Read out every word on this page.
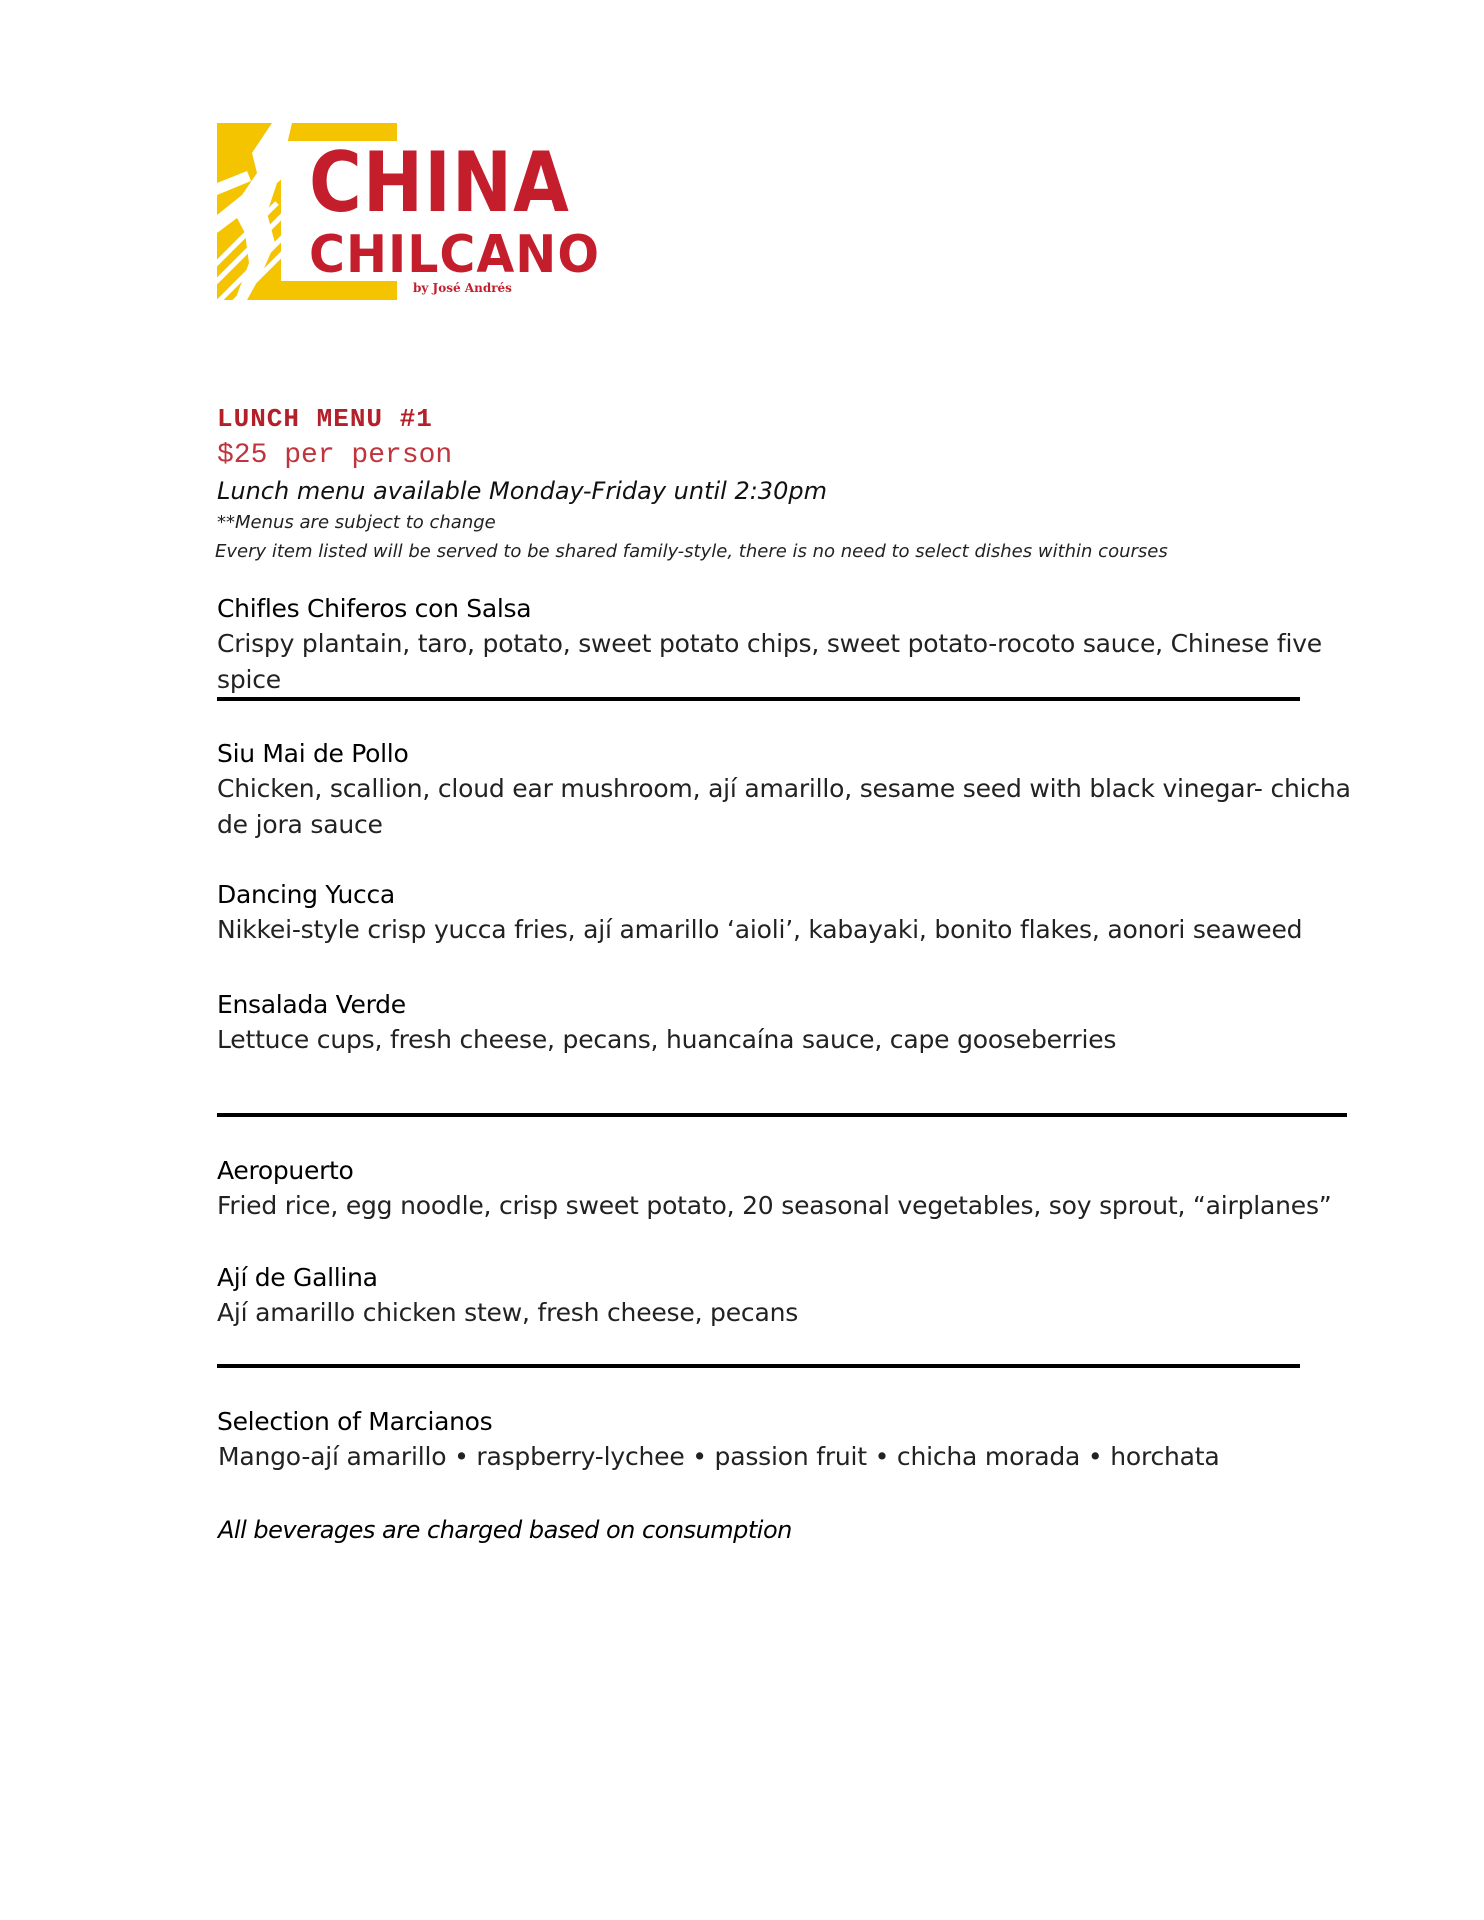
CHINA
CHILCANO
by José Andrés
LUNCH MENU #1
$25 per person
Lunch menu available Monday-Friday until 2:30pm
**Menus are subject to change
Every item listed will be served to be shared family-style, there is no need to select dishes within courses
Chifles Chiferos con Salsa
Crispy plantain, taro, potato, sweet potato chips, sweet potato-rocoto sauce, Chinese five spice
Siu Mai de Pollo
Chicken, scallion, cloud ear mushroom, ají amarillo, sesame seed with black vinegar- chicha
de jora sauce
Dancing Yucca
Nikkei-style crisp yucca fries, ají amarillo ‘aioli’, kabayaki, bonito flakes, aonori seaweed
Ensalada Verde
Lettuce cups, fresh cheese, pecans, huancaína sauce, cape gooseberries
Aeropuerto
Fried rice, egg noodle, crisp sweet potato, 20 seasonal vegetables, soy sprout, “airplanes”
Ají de Gallina
Ají amarillo chicken stew, fresh cheese, pecans
Selection of Marcianos
Mango-ají amarillo • raspberry-lychee • passion fruit • chicha morada • horchata
All beverages are charged based on consumption
